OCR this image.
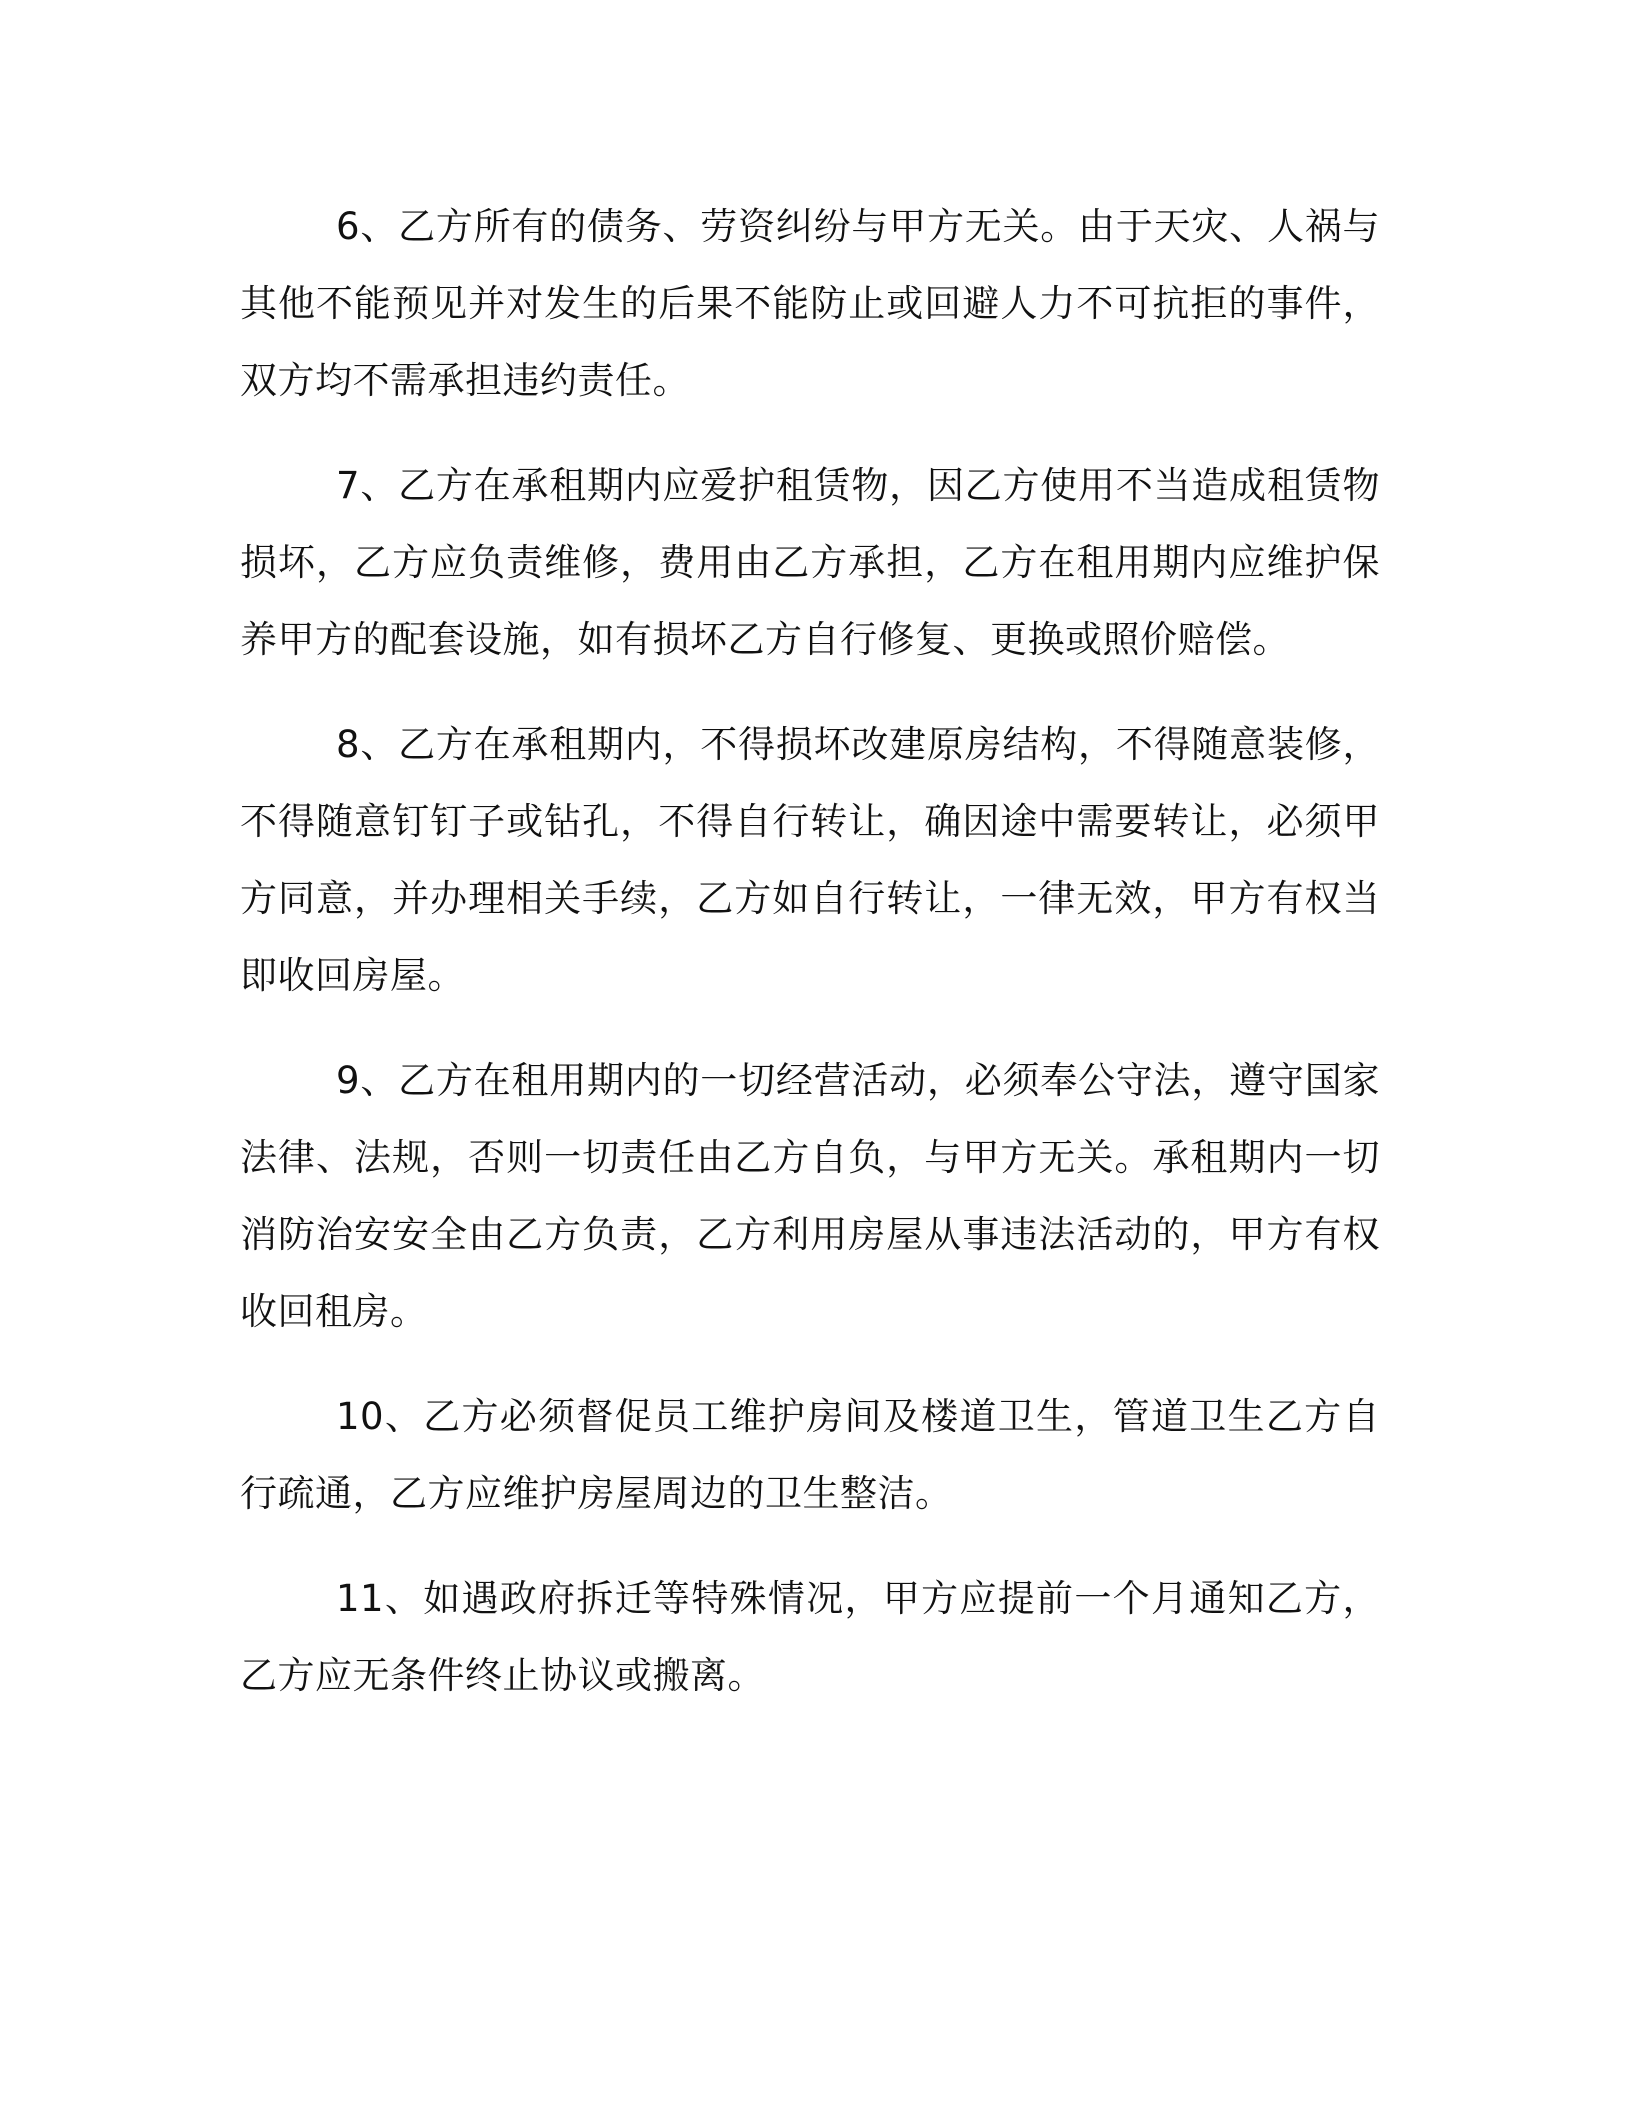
6、乙方所有的债务、劳资纠纷与甲方无关。由于天灾、人祸与其他不能预见并对发生的后果不能防止或回避人力不可抗拒的事件，双方均不需承担违约责任。

7、乙方在承租期内应爱护租赁物，因乙方使用不当造成租赁物损坏，乙方应负责维修，费用由乙方承担，乙方在租用期内应维护保养甲方的配套设施，如有损坏乙方自行修复、更换或照价赔偿。

8、乙方在承租期内，不得损坏改建原房结构，不得随意装修，不得随意钉钉子或钻孔，不得自行转让，确因途中需要转让，必须甲方同意，并办理相关手续，乙方如自行转让，一律无效，甲方有权当即收回房屋。

9、乙方在租用期内的一切经营活动，必须奉公守法，遵守国家法律、法规，否则一切责任由乙方自负，与甲方无关。承租期内一切消防治安安全由乙方负责，乙方利用房屋从事违法活动的，甲方有权收回租房。

10、乙方必须督促员工维护房间及楼道卫生，管道卫生乙方自行疏通，乙方应维护房屋周边的卫生整洁。

11、如遇政府拆迁等特殊情况，甲方应提前一个月通知乙方，乙方应无条件终止协议或搬离。
